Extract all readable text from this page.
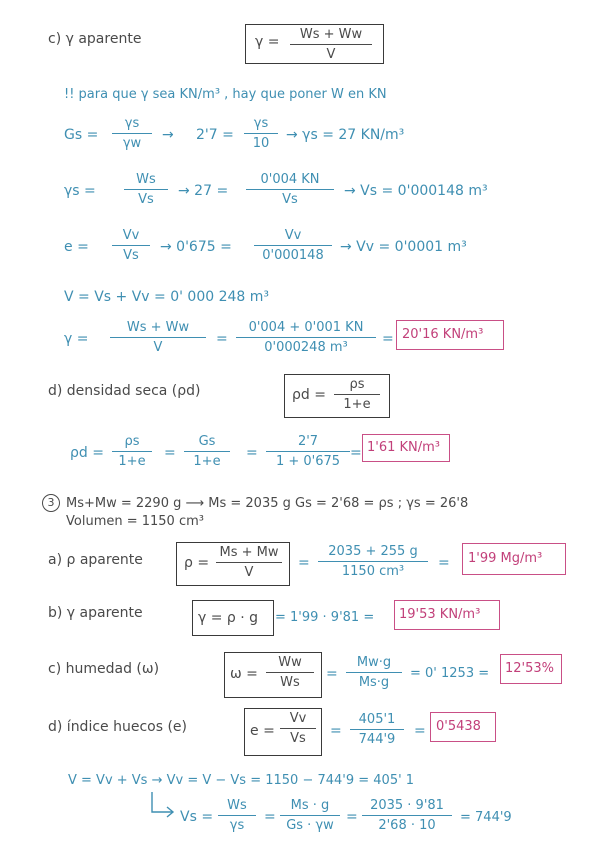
c) γ aparente	$\gamma = \frac{Ws + Ww}{V}$
!! para que γ sea KN/m³ , hay que poner W en KN
$Gs = \frac{\gamma s}{\gamma w} \to 2'7 = \frac{\gamma s}{10} \to \gamma s = 27$ KN/m³
$\gamma s = \frac{Ws}{Vs} \to 27 = \frac{0'004 KN}{Vs} \to Vs = 0'000148$ m³
$e = \frac{Vv}{Vs} \to 0'675 = \frac{Vv}{0'000148} \to Vv = 0'0001$ m³
V = Vs + Vv = 0' 000 248 m³
$\gamma = \frac{Ws + Ww}{V} = \frac{0'004 + 0'001 KN}{\text{0'000248 m³}} = 20'16$ KN/m³
d) densidad seca (ρd)	$\rho d = \frac{\rho s}{1+e}$
$\rho d = \frac{\rho s}{1+e} = \frac{Gs}{1+e} = \frac{2'7}{1 + 0'675} = 1'61$ KN/m³
3 Ms+Mw = 2290 g ⟶ Ms = 2035 g Gs = 2'68 = ρs ; γs = 26'8
Volumen = 1150 cm³
a) ρ aparente	$\rho = \frac{Ms + Mw}{V} = \frac{2035 + 255 g}{\text{1150 cm³}} = 1'99$ Mg/m³
b) γ aparente	γ = ρ · g = 1'99 · 9'81 = 19'53 KN/m³
c) humedad (ω)	$\omega = \frac{Ww}{Ws} = \frac{Mw\cdot g}{Ms\cdot g} = 0'$ 1253 = 12'53%
d) índice huecos (e)	$e = \frac{Vv}{Vs} = \frac{405'1}{744'9} = 0'5438$
V = Vv + Vs → Vv = V − Vs = 1150 − 744'9 = 405' 1
$Vs = \frac{Ws}{\gamma s} = \frac{Ms \cdot g}{Gs \cdot \gamma w} = \frac{2035 \cdot 9'81}{2'68 \cdot 10} = 744'9$
